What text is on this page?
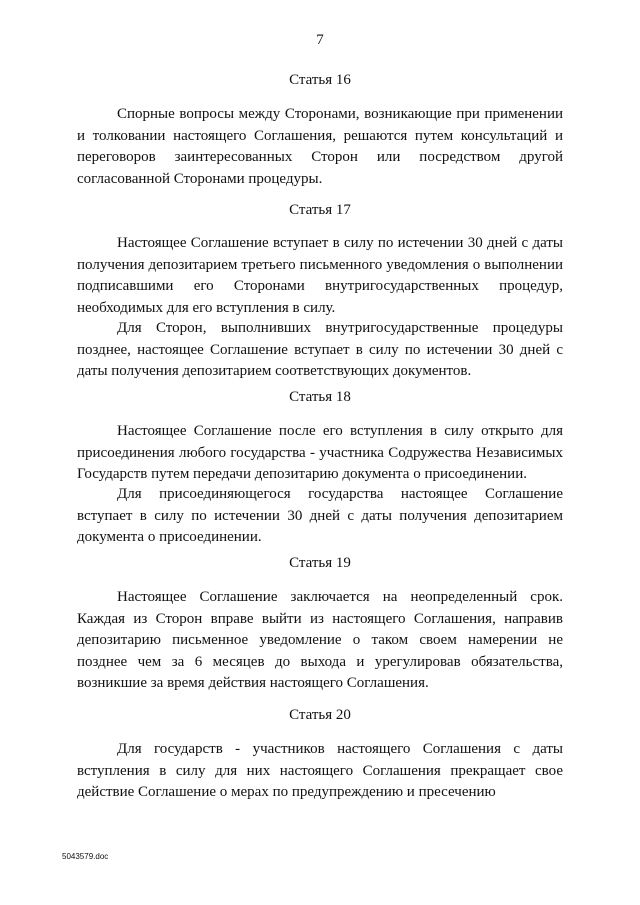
7
Статья 16

Спорные вопросы между Сторонами, возникающие при применении и толковании настоящего Соглашения, решаются путем консультаций и переговоров заинтересованных Сторон или посредством другой согласованной Сторонами процедуры.

Статья 17

Настоящее Соглашение вступает в силу по истечении 30 дней с даты получения депозитарием третьего письменного уведомления о выполнении подписавшими его Сторонами внутригосударственных процедур, необходимых для его вступления в силу.

Для Сторон, выполнивших внутригосударственные процедуры позднее, настоящее Соглашение вступает в силу по истечении 30 дней с даты получения депозитарием соответствующих документов.

Статья 18

Настоящее Соглашение после его вступления в силу открыто для присоединения любого государства - участника Содружества Независимых Государств путем передачи депозитарию документа о присоединении.

Для присоединяющегося государства настоящее Соглашение вступает в силу по истечении 30 дней с даты получения депозитарием документа о присоединении.

Статья 19

Настоящее Соглашение заключается на неопределенный срок. Каждая из Сторон вправе выйти из настоящего Соглашения, направив депозитарию письменное уведомление о таком своем намерении не позднее чем за 6 месяцев до выхода и урегулировав обязательства, возникшие за время действия настоящего Соглашения.

Статья 20

Для государств - участников настоящего Соглашения с даты вступления в силу для них настоящего Соглашения прекращает свое действие Соглашение о мерах по предупреждению и пресечению

5043579.doc
